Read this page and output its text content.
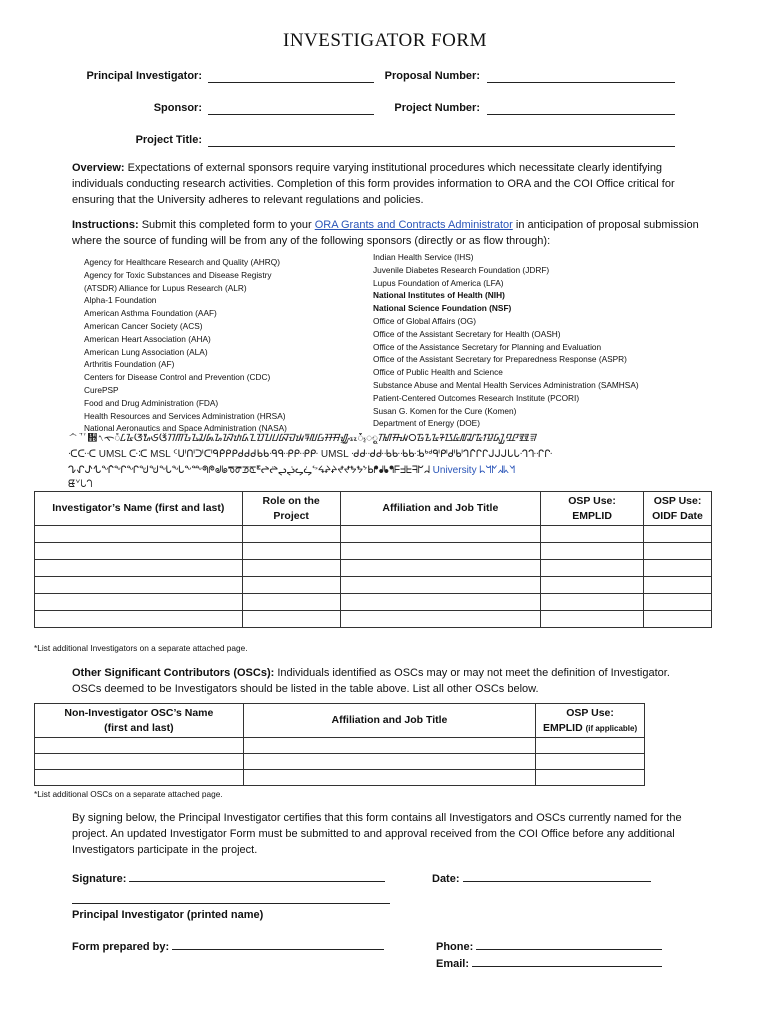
INVESTIGATOR FORM
Principal Investigator:	Proposal Number:
Sponsor:	Project Number:
Project Title:
Overview: Expectations of external sponsors require varying institutional procedures which necessitate clearly identifying individuals conducting research activities. Completion of this form provides information to ORA and the COI Office critical for ensuring that the University adheres to relevant regulations and policies.
Instructions: Submit this completed form to your ORA Grants and Contracts Administrator in anticipation of proposal submission where the source of funding will be from any of the following sponsors (directly or as flow through):
Agency for Healthcare Research and Quality (AHRQ)
Agency for Toxic Substances and Disease Registry
(ATSDR) Alliance for Lupus Research (ALR)
Alpha-1 Foundation
American Asthma Foundation (AAF)
American Cancer Society (ACS)
American Heart Association (AHA)
American Lung Association (ALA)
Arthritis Foundation (AF)
Centers for Disease Control and Prevention (CDC)
CurePSP
Food and Drug Administration (FDA)
Health Resources and Services Administration (HRSA)
National Aeronautics and Space Administration (NASA)
Indian Health Service (IHS)
Juvenile Diabetes Research Foundation (JDRF)
Lupus Foundation of America (LFA)
National Institutes of Health (NIH)
National Science Foundation (NSF)
Office of Global Affairs (OG)
Office of the Assistant Secretary for Health (OASH)
Office of the Assistance Secretary for Planning and Evaluation
Office of the Assistant Secretary for Preparedness Response (ASPR)
Office of Public Health and Science
Substance Abuse and Mental Health Services Administration (SAMHSA)
Patient-Centered Outcomes Research Institute (PCORI)
Susan G. Komen for the Cure (Komen)
Department of Energy (DOE)
ᄉᄁ᪍᭤ᯚᮀᮄᮅᮆᮇᮈᮉᮊᮋᮌᮍᮎᮏᮐᮑᮒᮓᮔᮕᮖᮗᮘᮙᮚᮛᮜᮝᮞᮟᮠᮡᮢᮣᮤᮥᮦᮧᮨᮩ᮪᮫ᮬᮭᮮᮯ᮰᮱᮲᮳᮴᮵᮶᮷᮸᮹ᮺᮻᮼᮽᮾᮿ
ᑡᑢᑣ UMSL ᑤᑥ MSL ᑦᑧᑨᑩᑪᑫᑬᑭᑮᑯᑰᑱᑲᑳᑴᑵᑶᑷᑸᑹ UMSL ᑺᑻᑼᑽᑾᑿᒀᒁᒂᒃᒄᒅᒆᒇᒈᒉᒊᒋᒌᒍᒎᒏᒐᒑᒒᒓᒔᒕ
ᖊᖋᖌᖍᖎᖏᖐᖑᖒᖓᖔᖕᖖᖗᖘᖙᖚᖛᖜᖝᖞᖟᖠᖡᖢᖣᖤᖥᖦᖧᖨᖩᖪᖫᖬᖭᖮᖯᖰᖱᖲᖳᖴᖵᖶᖷᖸᖹ University ᖺᖻᖼᖽᖾᖿ
ᘀᘁᘂᘃ
Investigator’s Name (first and last)	Role on the Project	Affiliation and Job Title	OSP Use: EMPLID	OSP Use: OIDF Date

*List additional Investigators on a separate attached page.
Other Significant Contributors (OSCs): Individuals identified as OSCs may or may not meet the definition of Investigator. OSCs deemed to be Investigators should be listed in the table above. List all other OSCs below.
Non-Investigator OSC’s Name (first and last)	Affiliation and Job Title	OSP Use:
EMPLID (if applicable)

*List additional OSCs on a separate attached page.
By signing below, the Principal Investigator certifies that this form contains all Investigators and OSCs currently named for the project. An updated Investigator Form must be submitted to and approval received from the COI Office before any additional Investigators participate in the project.
Signature:	Date:
Principal Investigator (printed name)
Form prepared by:	Phone:
Email:
